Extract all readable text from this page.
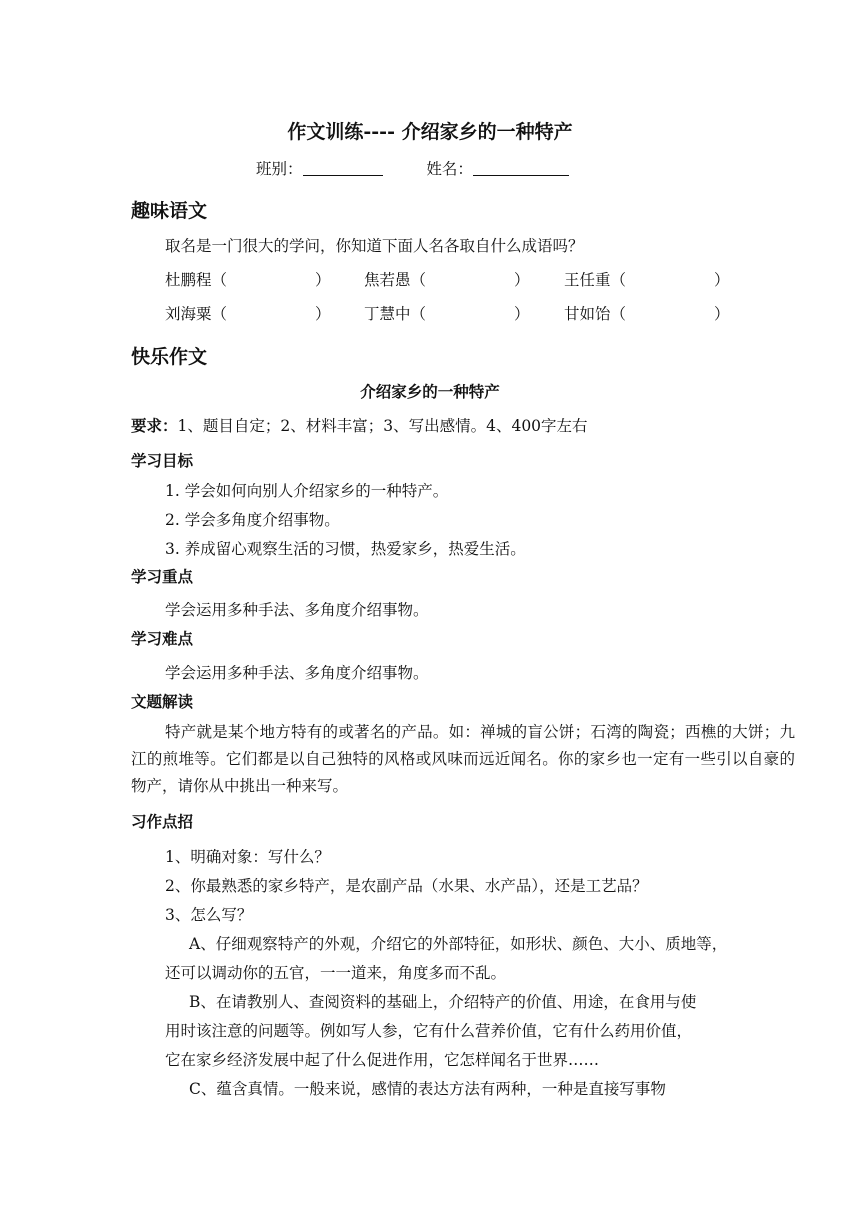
作文训练---- 介绍家乡的一种特产
班别：	姓名：
趣味语文
取名是一门很大的学问，你知道下面人名各取自什么成语吗？
杜鹏程（	） 焦若愚（	） 王任重（	）
刘海粟（	） 丁慧中（	） 甘如饴（	）
快乐作文
介绍家乡的一种特产
要求：1、题目自定；2、材料丰富；3、写出感情。4、400字左右
学习目标
1. 学会如何向别人介绍家乡的一种特产。
2. 学会多角度介绍事物。
3. 养成留心观察生活的习惯，热爱家乡，热爱生活。
学习重点
学会运用多种手法、多角度介绍事物。
学习难点
学会运用多种手法、多角度介绍事物。
文题解读
特产就是某个地方特有的或著名的产品。如：禅城的盲公饼；石湾的陶瓷；西樵的大饼；九江的煎堆等。它们都是以自己独特的风格或风味而远近闻名。你的家乡也一定有一些引以自豪的物产，请你从中挑出一种来写。
习作点招
1、明确对象：写什么？
2、你最熟悉的家乡特产，是农副产品（水果、水产品），还是工艺品？
3、怎么写？
A、仔细观察特产的外观，介绍它的外部特征，如形状、颜色、大小、质地等，
还可以调动你的五官，一一道来，角度多而不乱。
B、在请教别人、查阅资料的基础上，介绍特产的价值、用途，在食用与使
用时该注意的问题等。例如写人参，它有什么营养价值，它有什么药用价值，
它在家乡经济发展中起了什么促进作用，它怎样闻名于世界……
C、蕴含真情。一般来说，感情的表达方法有两种，一种是直接写事物
